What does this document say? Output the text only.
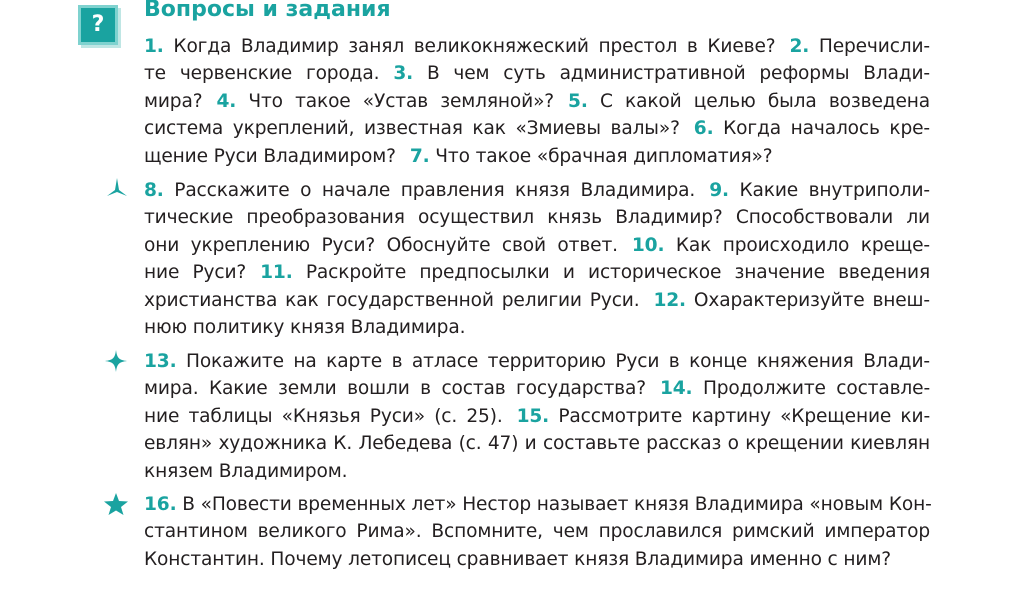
?
Вопросы и задания
1. Когда Владимир занял великокняжеский престол в Киеве? 2. Перечисли-
те червенские города. 3. В чем суть административной реформы Влади-
мира? 4. Что такое «Устав земляной»? 5. С какой целью была возведена
система укреплений, известная как «Змиевы валы»? 6. Когда началось кре-
щение Руси Владимиром? 7. Что такое «брачная дипломатия»?
8. Расскажите о начале правления князя Владимира. 9. Какие внутриполи-
тические преобразования осуществил князь Владимир? Способствовали ли
они укреплению Руси? Обоснуйте свой ответ. 10. Как происходило креще-
ние Руси? 11. Раскройте предпосылки и историческое значение введения
христианства как государственной религии Руси. 12. Охарактеризуйте внеш-
нюю политику князя Владимира.
13. Покажите на карте в атласе территорию Руси в конце княжения Влади-
мира. Какие земли вошли в состав государства? 14. Продолжите составле-
ние таблицы «Князья Руси» (с. 25). 15. Рассмотрите картину «Крещение ки-
евлян» художника К. Лебедева (с. 47) и составьте рассказ о крещении киевлян
князем Владимиром.
16. В «Повести временных лет» Нестор называет князя Владимира «новым Кон-
стантином великого Рима». Вспомните, чем прославился римский император
Константин. Почему летописец сравнивает князя Владимира именно с ним?
